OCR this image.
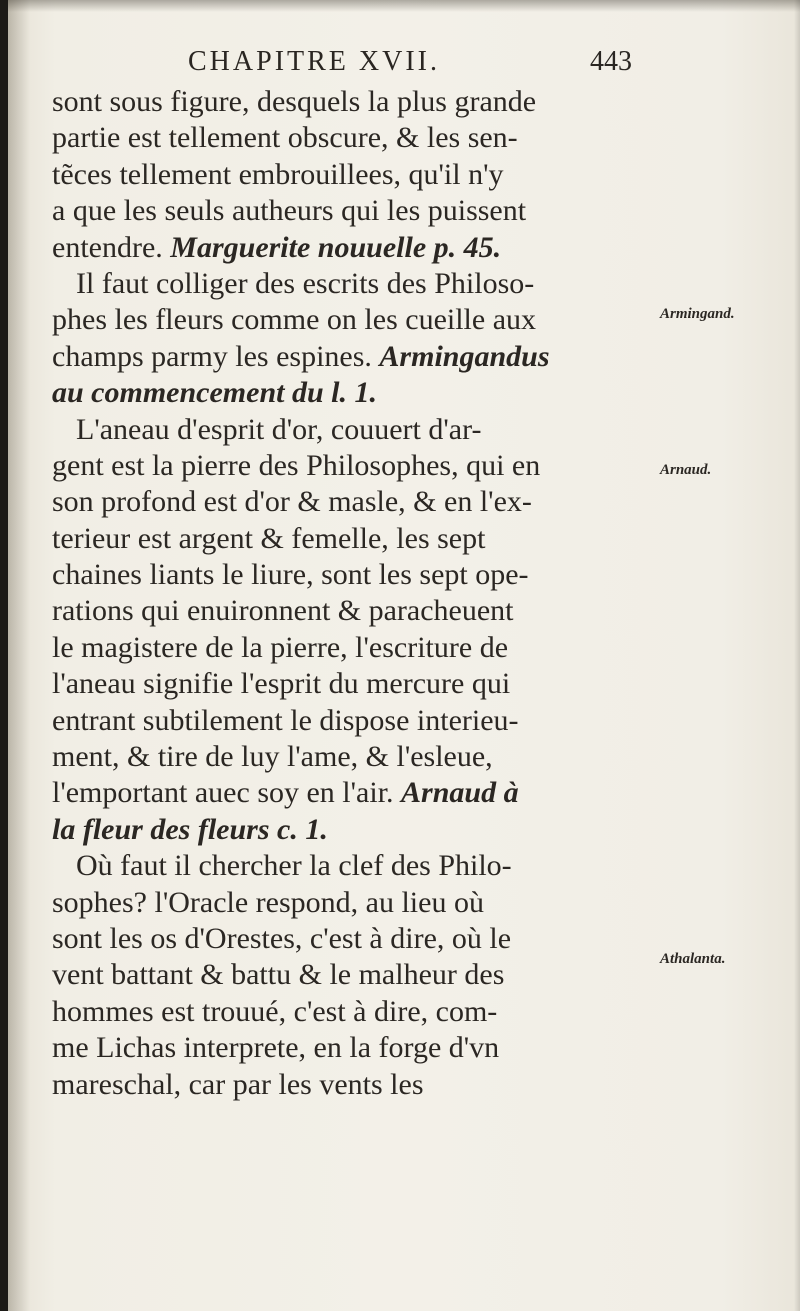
CHAPITRE XVII.	443
sont sous figure, desquels la plus grande
partie est tellement obscure, & les sen-
tẽces tellement embrouillees, qu'il n'y
a que les seuls autheurs qui les puissent
entendre. Marguerite nouuelle p. 45.
Il faut colliger des escrits des Philoso-
phes les fleurs comme on les cueille aux
champs parmy les espines. Armingandus
au commencement du l. 1.
L'aneau d'esprit d'or, couuert d'ar-
gent est la pierre des Philosophes, qui en
son profond est d'or & masle, & en l'ex-
terieur est argent & femelle, les sept
chaines liants le liure, sont les sept ope-
rations qui enuironnent & paracheuent
le magistere de la pierre, l'escriture de
l'aneau signifie l'esprit du mercure qui
entrant subtilement le dispose interieu-
ment, & tire de luy l'ame, & l'esleue,
l'emportant auec soy en l'air. Arnaud à
la fleur des fleurs c. 1.
Où faut il chercher la clef des Philo-
sophes? l'Oracle respond, au lieu où
sont les os d'Orestes, c'est à dire, où le
vent battant & battu & le malheur des
hommes est trouué, c'est à dire, com-
me Lichas interprete, en la forge d'vn
mareschal, car par les vents les
Armingand.
Arnaud.
Athalanta.
